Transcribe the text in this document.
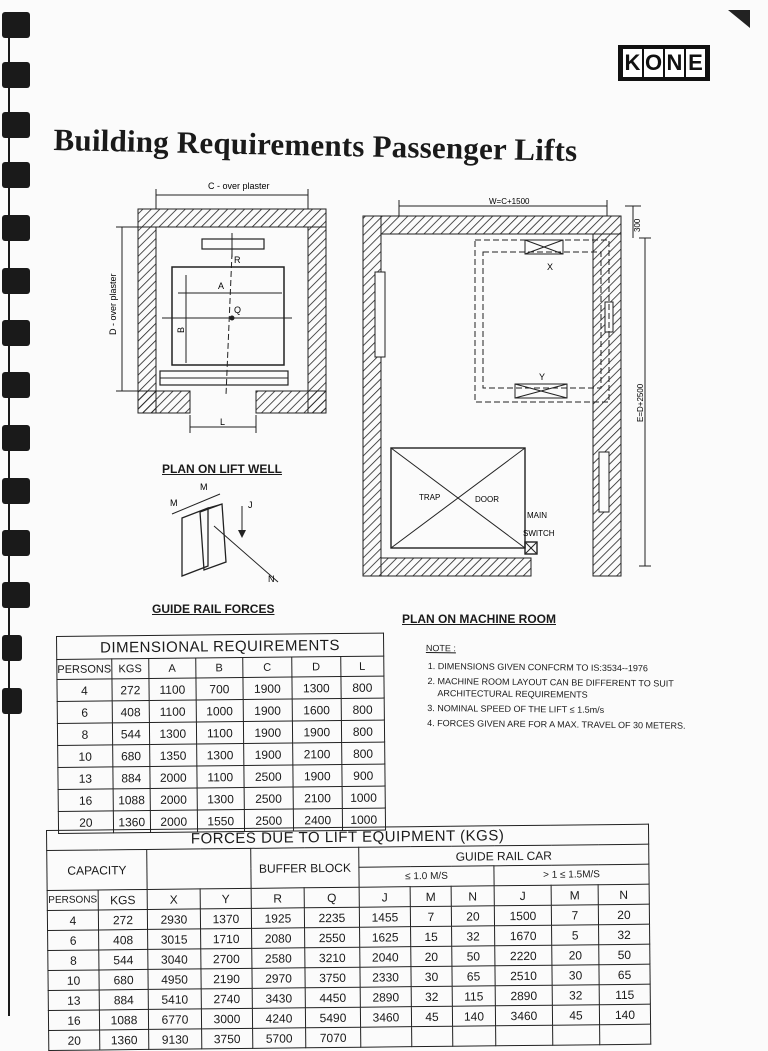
K O N E
Building Requirements Passenger Lifts
C - over plaster
D - over plaster
R
A
Q
B
L
PLAN ON LIFT WELL
M
M
J
N
GUIDE RAIL FORCES
W=C+1500
300
E=D+2500
X
Y
TRAP	DOOR
MAIN
SWITCH
PLAN ON MACHINE ROOM
DIMENSIONAL REQUIREMENTS						
PERSONS	KGS	A	B	C	D	L
4	272	1100	700	1900	1300	800
6	408	1100	1000	1900	1600	800
8	544	1300	1100	1900	1900	800
10	680	1350	1300	1900	2100	800
13	884	2000	1100	2500	1900	900
16	1088	2000	1300	2500	2100	1000
20	1360	2000	1550	2500	2400	1000
NOTE :
1. DIMENSIONS GIVEN CONFCRM TO IS:3534--1976
2. MACHINE ROOM LAYOUT CAN BE DIFFERENT TO SUIT ARCHITECTURAL REQUIREMENTS
3. NOMINAL SPEED OF THE LIFT ≤ 1.5m/s
4. FORCES GIVEN ARE FOR A MAX. TRAVEL OF 30 METERS.
FORCES DUE TO LIFT EQUIPMENT (KGS)											
CAPACITY				BUFFER BLOCK		GUIDE RAIL CAR					
						≤ 1.0 M/S			> 1 ≤ 1.5M/S		
PERSONS	KGS	X	Y	R	Q	J	M	N	J	M	N
4	272	2930	1370	1925	2235	1455	7	20	1500	7	20
6	408	3015	1710	2080	2550	1625	15	32	1670	5	32
8	544	3040	2700	2580	3210	2040	20	50	2220	20	50
10	680	4950	2190	2970	3750	2330	30	65	2510	30	65
13	884	5410	2740	3430	4450	2890	32	115	2890	32	115
16	1088	6770	3000	4240	5490	3460	45	140	3460	45	140
20	1360	9130	3750	5700	7070						
